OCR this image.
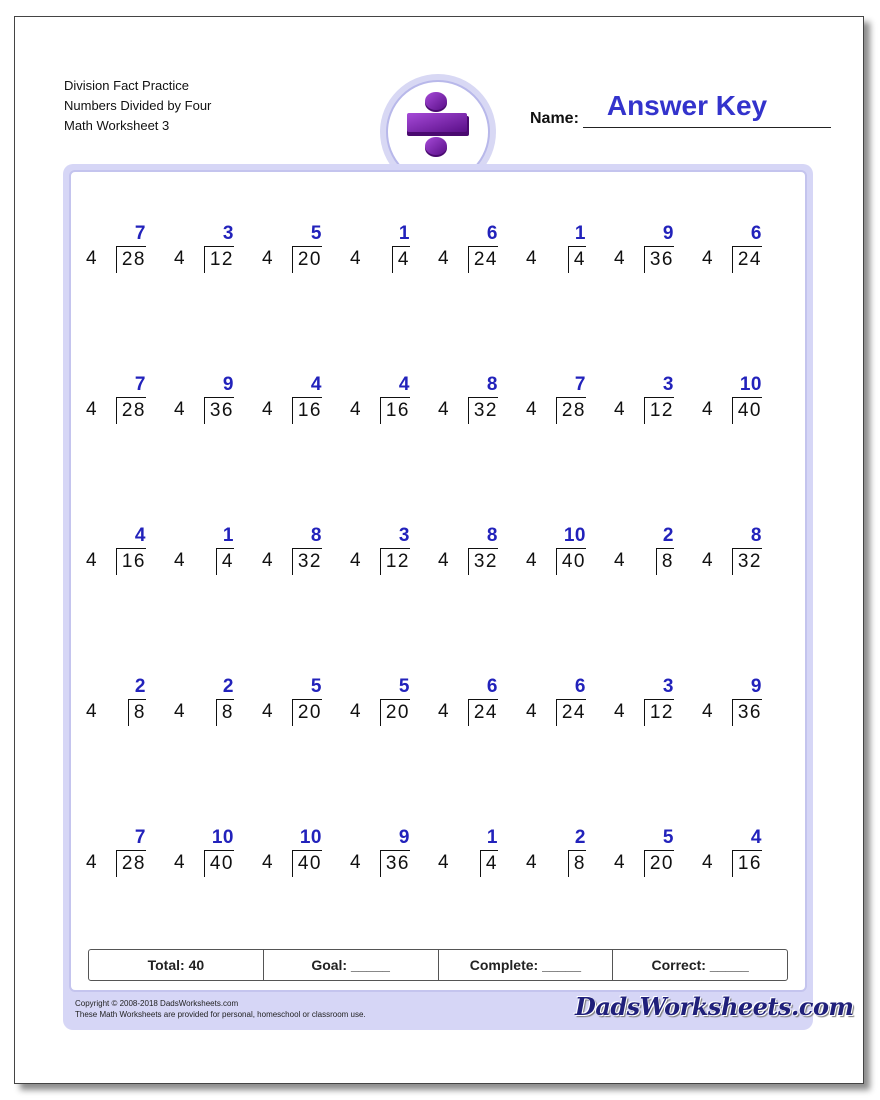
Division Fact Practice
Numbers Divided by Four
Math Worksheet 3	Name: Answer Key
Copyright © 2008-2018 DadsWorksheets.com
These Math Worksheets are provided for personal, homeschool or classroom use.	DadsWorksheets.com
7
4	28
3
4	12
5
4	20
1
4	4
6
4	24
1
4	4
9
4	36
6
4	24
7
4	28
9
4	36
4
4	16
4
4	16
8
4	32
7
4	28
3
4	12
10
4	40
4
4	16
1
4	4
8
4	32
3
4	12
8
4	32
10
4	40
2
4	8
8
4	32
2
4	8
2
4	8
5
4	20
5
4	20
6
4	24
6
4	24
3
4	12
9
4	36
7
4	28
10
4	40
10
4	40
9
4	36
1
4	4
2
4	8
5
4	20
4
4	16
Total: 40	Goal: _____	Complete: _____	Correct: _____
